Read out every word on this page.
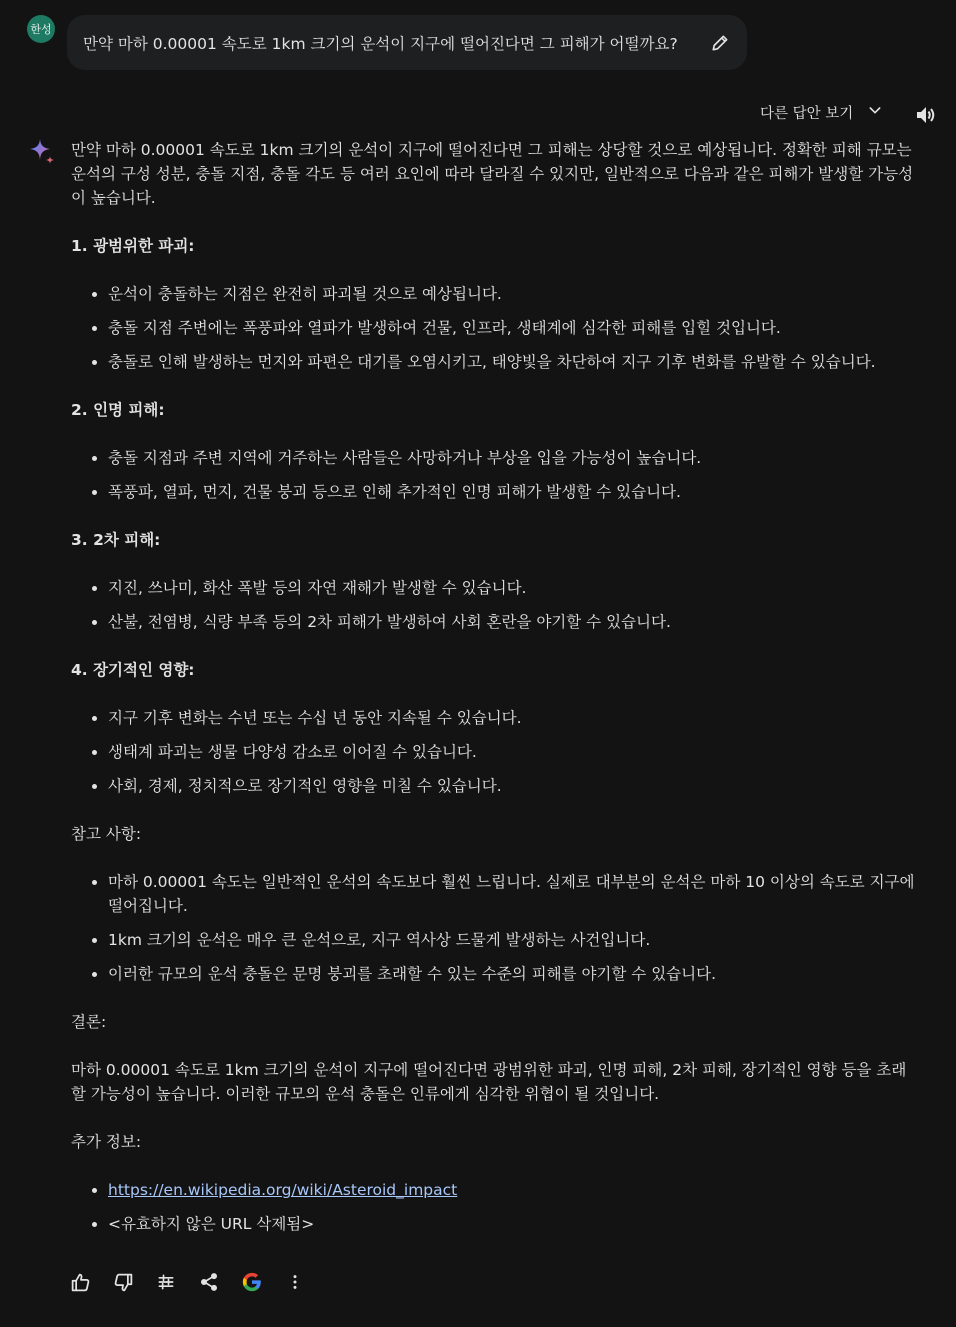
한성
만약 마하 0.00001 속도로 1km 크기의 운석이 지구에 떨어진다면 그 피해가 어떨까요?
다른 답안 보기

만약 마하 0.00001 속도로 1km 크기의 운석이 지구에 떨어진다면 그 피해는 상당할 것으로 예상됩니다. 정확한 피해 규모는 운석의 구성 성분, 충돌 지점, 충돌 각도 등 여러 요인에 따라 달라질 수 있지만, 일반적으로 다음과 같은 피해가 발생할 가능성이 높습니다.

1. 광범위한 파괴:

• 운석이 충돌하는 지점은 완전히 파괴될 것으로 예상됩니다.
• 충돌 지점 주변에는 폭풍파와 열파가 발생하여 건물, 인프라, 생태계에 심각한 피해를 입힐 것입니다.
• 충돌로 인해 발생하는 먼지와 파편은 대기를 오염시키고, 태양빛을 차단하여 지구 기후 변화를 유발할 수 있습니다.

2. 인명 피해:

• 충돌 지점과 주변 지역에 거주하는 사람들은 사망하거나 부상을 입을 가능성이 높습니다.
• 폭풍파, 열파, 먼지, 건물 붕괴 등으로 인해 추가적인 인명 피해가 발생할 수 있습니다.

3. 2차 피해:

• 지진, 쓰나미, 화산 폭발 등의 자연 재해가 발생할 수 있습니다.
• 산불, 전염병, 식량 부족 등의 2차 피해가 발생하여 사회 혼란을 야기할 수 있습니다.

4. 장기적인 영향:

• 지구 기후 변화는 수년 또는 수십 년 동안 지속될 수 있습니다.
• 생태계 파괴는 생물 다양성 감소로 이어질 수 있습니다.
• 사회, 경제, 정치적으로 장기적인 영향을 미칠 수 있습니다.

참고 사항:

• 마하 0.00001 속도는 일반적인 운석의 속도보다 훨씬 느립니다. 실제로 대부분의 운석은 마하 10 이상의 속도로 지구에 떨어집니다.
• 1km 크기의 운석은 매우 큰 운석으로, 지구 역사상 드물게 발생하는 사건입니다.
• 이러한 규모의 운석 충돌은 문명 붕괴를 초래할 수 있는 수준의 피해를 야기할 수 있습니다.

결론:

마하 0.00001 속도로 1km 크기의 운석이 지구에 떨어진다면 광범위한 파괴, 인명 피해, 2차 피해, 장기적인 영향 등을 초래할 가능성이 높습니다. 이러한 규모의 운석 충돌은 인류에게 심각한 위협이 될 것입니다.

추가 정보:

• https://en.wikipedia.org/wiki/Asteroid_impact
• <유효하지 않은 URL 삭제됨>
